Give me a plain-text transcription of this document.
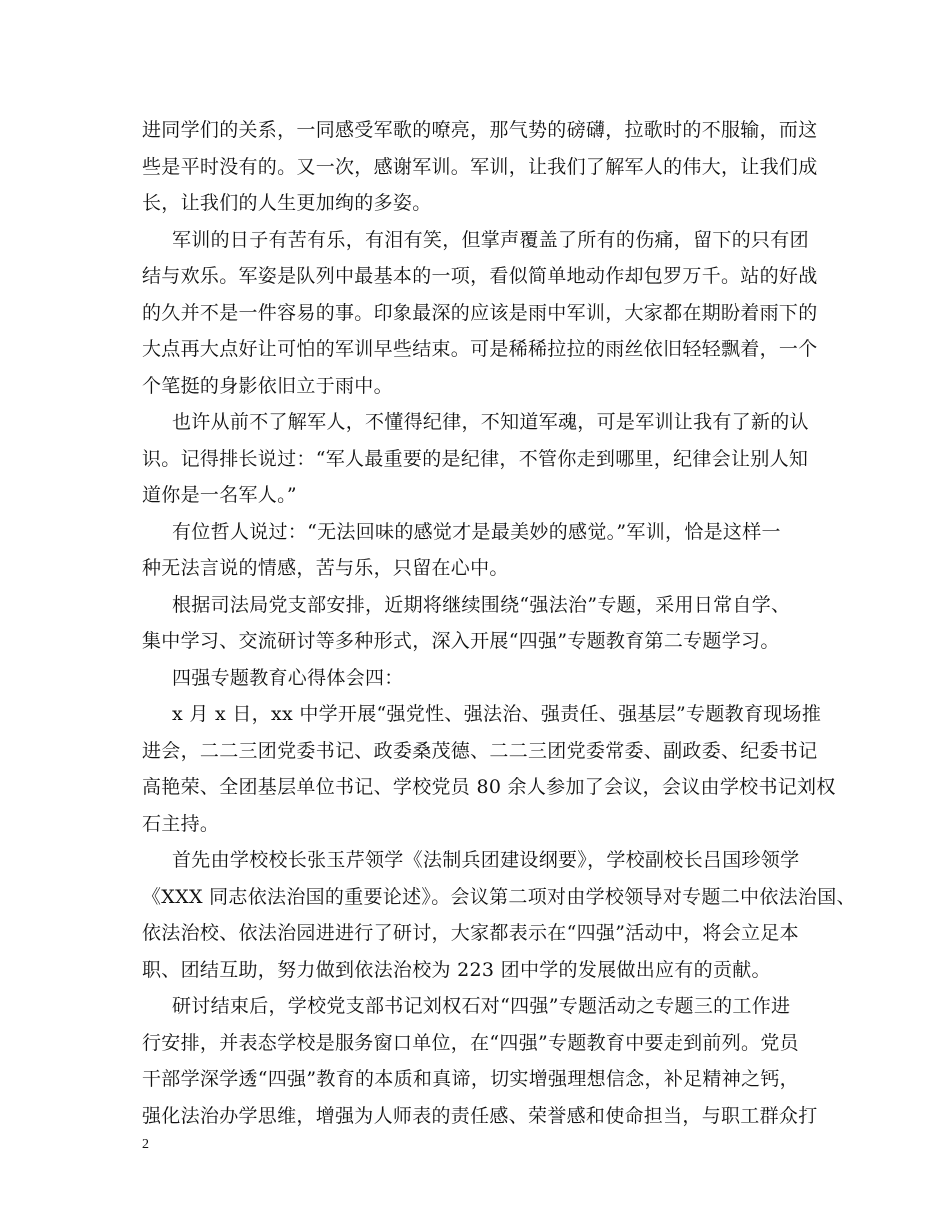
进同学们的关系，一同感受军歌的嘹亮，那气势的磅礴，拉歌时的不服输，而这
些是平时没有的。又一次，感谢军训。军训，让我们了解军人的伟大，让我们成
长，让我们的人生更加绚的多姿。
军训的日子有苦有乐，有泪有笑，但掌声覆盖了所有的伤痛，留下的只有团
结与欢乐。军姿是队列中最基本的一项，看似简单地动作却包罗万千。站的好战
的久并不是一件容易的事。印象最深的应该是雨中军训，大家都在期盼着雨下的
大点再大点好让可怕的军训早些结束。可是稀稀拉拉的雨丝依旧轻轻飘着，一个
个笔挺的身影依旧立于雨中。
也许从前不了解军人，不懂得纪律，不知道军魂，可是军训让我有了新的认
识。记得排长说过：“军人最重要的是纪律，不管你走到哪里，纪律会让别人知
道你是一名军人。”
有位哲人说过：“无法回味的感觉才是最美妙的感觉。”军训，恰是这样一
种无法言说的情感，苦与乐，只留在心中。
根据司法局党支部安排，近期将继续围绕“强法治”专题，采用日常自学、
集中学习、交流研讨等多种形式，深入开展“四强”专题教育第二专题学习。
四强专题教育心得体会四：
x 月 x 日，xx 中学开展“强党性、强法治、强责任、强基层”专题教育现场推
进会，二二三团党委书记、政委桑茂德、二二三团党委常委、副政委、纪委书记
高艳荣、全团基层单位书记、学校党员 80 余人参加了会议，会议由学校书记刘权
石主持。
首先由学校校长张玉芹领学《法制兵团建设纲要》，学校副校长吕国珍领学
《XXX 同志依法治国的重要论述》。会议第二项对由学校领导对专题二中依法治国、
依法治校、依法治园进进行了研讨，大家都表示在“四强”活动中，将会立足本
职、团结互助，努力做到依法治校为 223 团中学的发展做出应有的贡献。
研讨结束后，学校党支部书记刘权石对“四强”专题活动之专题三的工作进
行安排，并表态学校是服务窗口单位，在“四强”专题教育中要走到前列。党员
干部学深学透“四强”教育的本质和真谛，切实增强理想信念，补足精神之钙，
强化法治办学思维，增强为人师表的责任感、荣誉感和使命担当，与职工群众打
2
